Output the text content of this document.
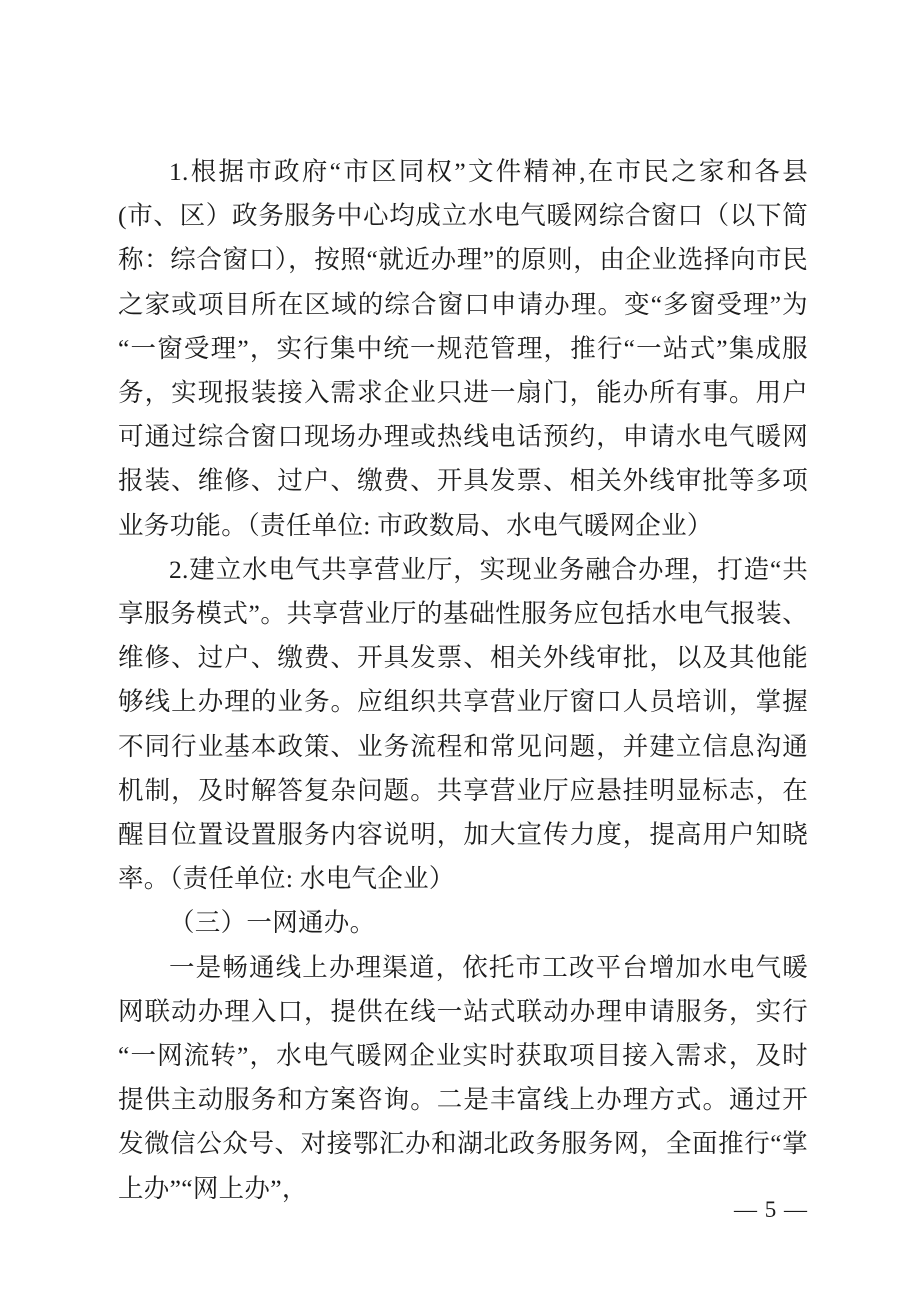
1.根据市政府“市区同权”文件精神,在市民之家和各县(市、区）政务服务中心均成立水电气暖网综合窗口（以下简称：综合窗口），按照“就近办理”的原则，由企业选择向市民之家或项目所在区域的综合窗口申请办理。变“多窗受理”为“一窗受理”，实行集中统一规范管理，推行“一站式”集成服务，实现报装接入需求企业只进一扇门，能办所有事。用户可通过综合窗口现场办理或热线电话预约，申请水电气暖网报装、维修、过户、缴费、开具发票、相关外线审批等多项业务功能。（责任单位: 市政数局、水电气暖网企业）

2.建立水电气共享营业厅，实现业务融合办理，打造“共享服务模式”。共享营业厅的基础性服务应包括水电气报装、维修、过户、缴费、开具发票、相关外线审批，以及其他能够线上办理的业务。应组织共享营业厅窗口人员培训，掌握不同行业基本政策、业务流程和常见问题，并建立信息沟通机制，及时解答复杂问题。共享营业厅应悬挂明显标志，在醒目位置设置服务内容说明，加大宣传力度，提高用户知晓率。（责任单位: 水电气企业）

（三）一网通办。

一是畅通线上办理渠道，依托市工改平台增加水电气暖网联动办理入口，提供在线一站式联动办理申请服务，实行“一网流转”，水电气暖网企业实时获取项目接入需求，及时提供主动服务和方案咨询。二是丰富线上办理方式。通过开发微信公众号、对接鄂汇办和湖北政务服务网，全面推行“掌上办”“网上办”，

— 5 —
